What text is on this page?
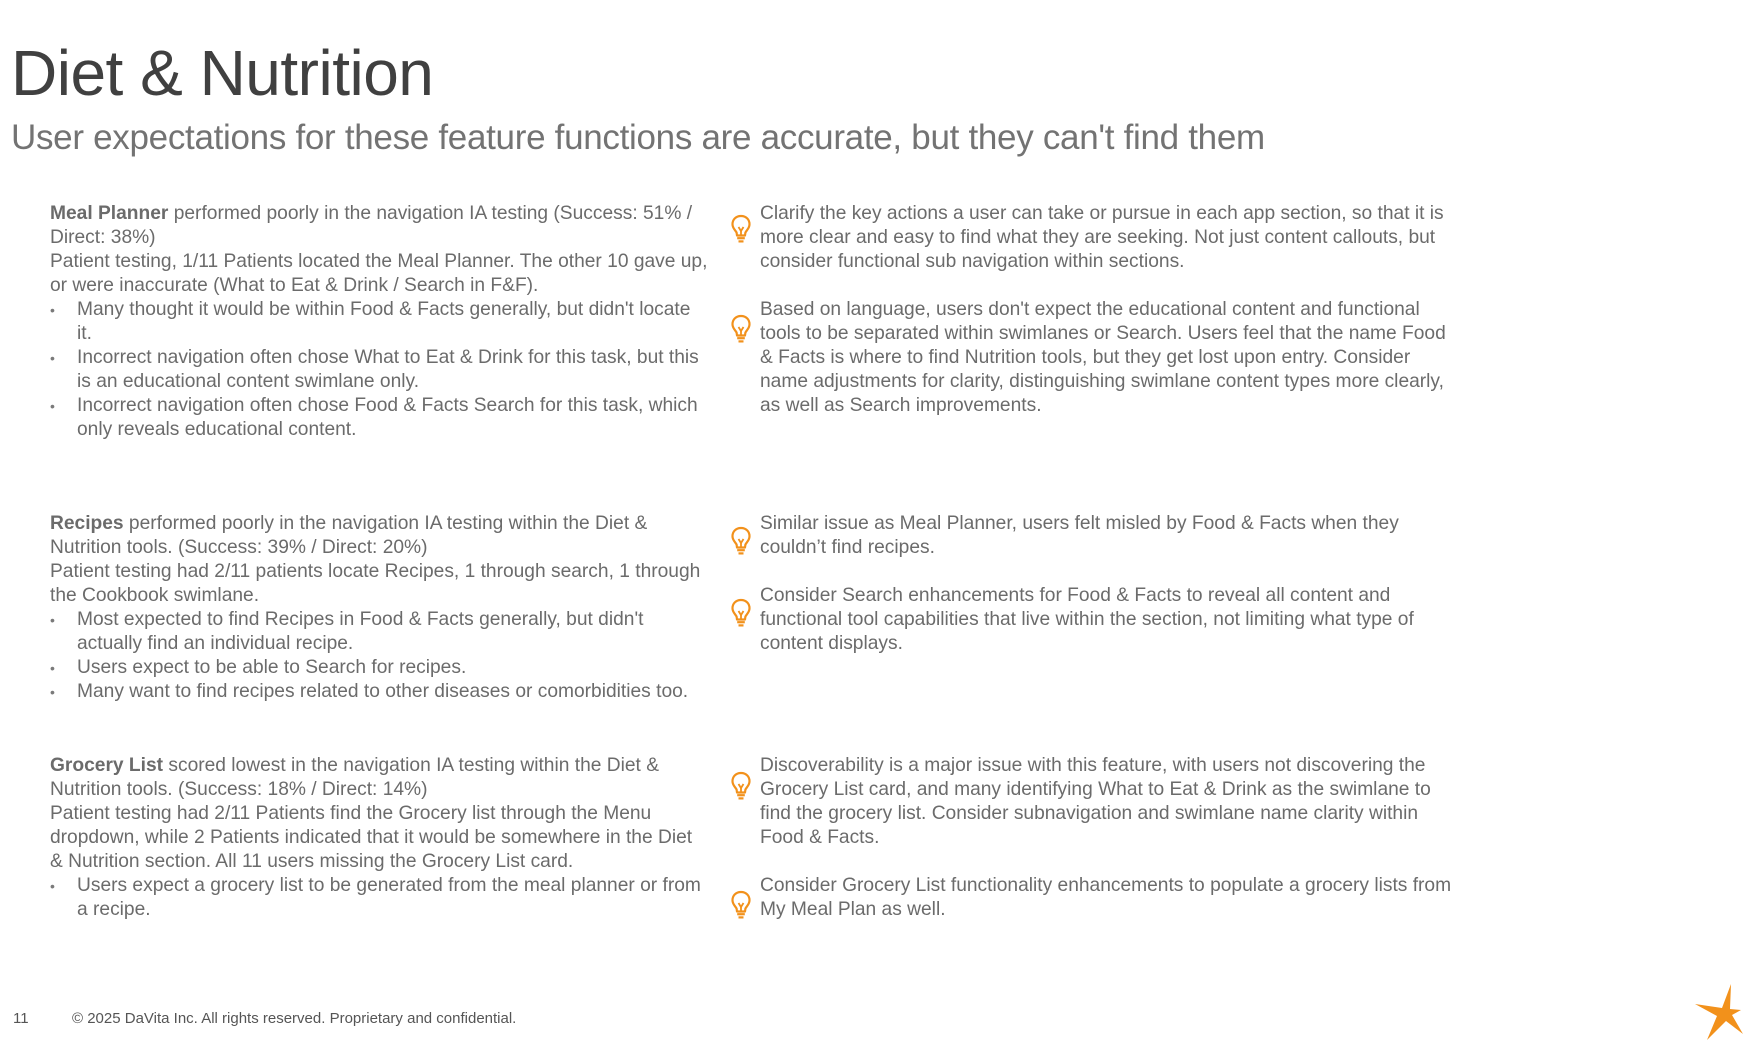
Diet & Nutrition
User expectations for these feature functions are accurate, but they can't find them

Meal Planner performed poorly in the navigation IA testing (Success: 51% / Direct: 38%)

Patient testing, 1/11 Patients located the Meal Planner. The other 10 gave up, or were inaccurate (What to Eat & Drink / Search in F&F).

• Many thought it would be within Food & Facts generally, but didn't locate it.
• Incorrect navigation often chose What to Eat & Drink for this task, but this is an educational content swimlane only.
• Incorrect navigation often chose Food & Facts Search for this task, which only reveals educational content.
Clarify the key actions a user can take or pursue in each app section, so that it is more clear and easy to find what they are seeking. Not just content callouts, but consider functional sub navigation within sections.
Based on language, users don't expect the educational content and functional tools to be separated within swimlanes or Search. Users feel that the name Food & Facts is where to find Nutrition tools, but they get lost upon entry. Consider name adjustments for clarity, distinguishing swimlane content types more clearly, as well as Search improvements.

Recipes performed poorly in the navigation IA testing within the Diet & Nutrition tools. (Success: 39% / Direct: 20%)

Patient testing had 2/11 patients locate Recipes, 1 through search, 1 through the Cookbook swimlane.

• Most expected to find Recipes in Food & Facts generally, but didn't actually find an individual recipe.
• Users expect to be able to Search for recipes.
• Many want to find recipes related to other diseases or comorbidities too.
Similar issue as Meal Planner, users felt misled by Food & Facts when they couldn’t find recipes.
Consider Search enhancements for Food & Facts to reveal all content and functional tool capabilities that live within the section, not limiting what type of content displays.

Grocery List scored lowest in the navigation IA testing within the Diet & Nutrition tools. (Success: 18% / Direct: 14%)

Patient testing had 2/11 Patients find the Grocery list through the Menu dropdown, while 2 Patients indicated that it would be somewhere in the Diet & Nutrition section. All 11 users missing the Grocery List card.

• Users expect a grocery list to be generated from the meal planner or from a recipe.
Discoverability is a major issue with this feature, with users not discovering the Grocery List card, and many identifying What to Eat & Drink as the swimlane to find the grocery list. Consider subnavigation and swimlane name clarity within Food & Facts.
Consider Grocery List functionality enhancements to populate a grocery lists from My Meal Plan as well.
11	© 2025 DaVita Inc. All rights reserved. Proprietary and confidential.
